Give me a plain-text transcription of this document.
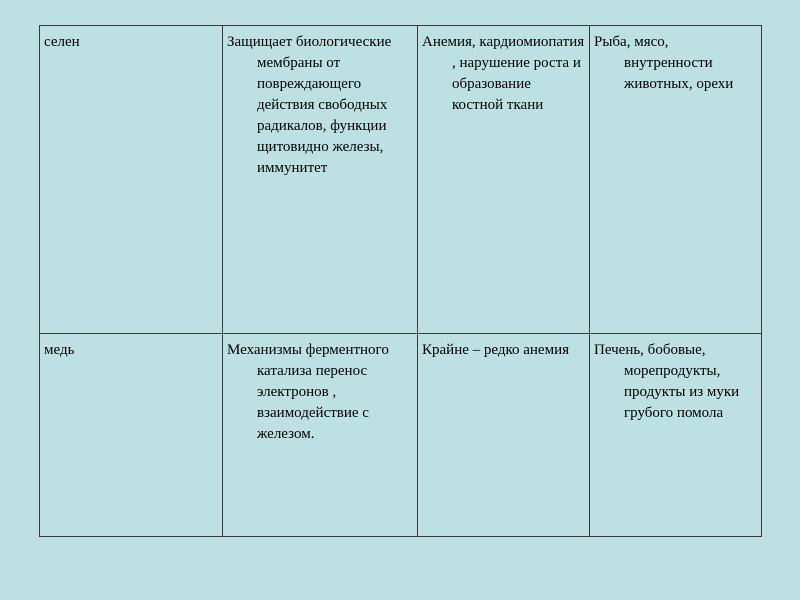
селен	Защищает биологические мембраны от повреждающего действия свободных радикалов, функции щитовидно железы, иммунитет	Анемия, кардиомиопатия , нарушение роста и образование костной ткани	Рыба, мясо, внутренности животных, орехи

медь	Механизмы ферментного катализа перенос электронов , взаимодействие с железом.	Крайне – редко анемия	Печень, бобовые, морепродукты, продукты из муки грубого помола
